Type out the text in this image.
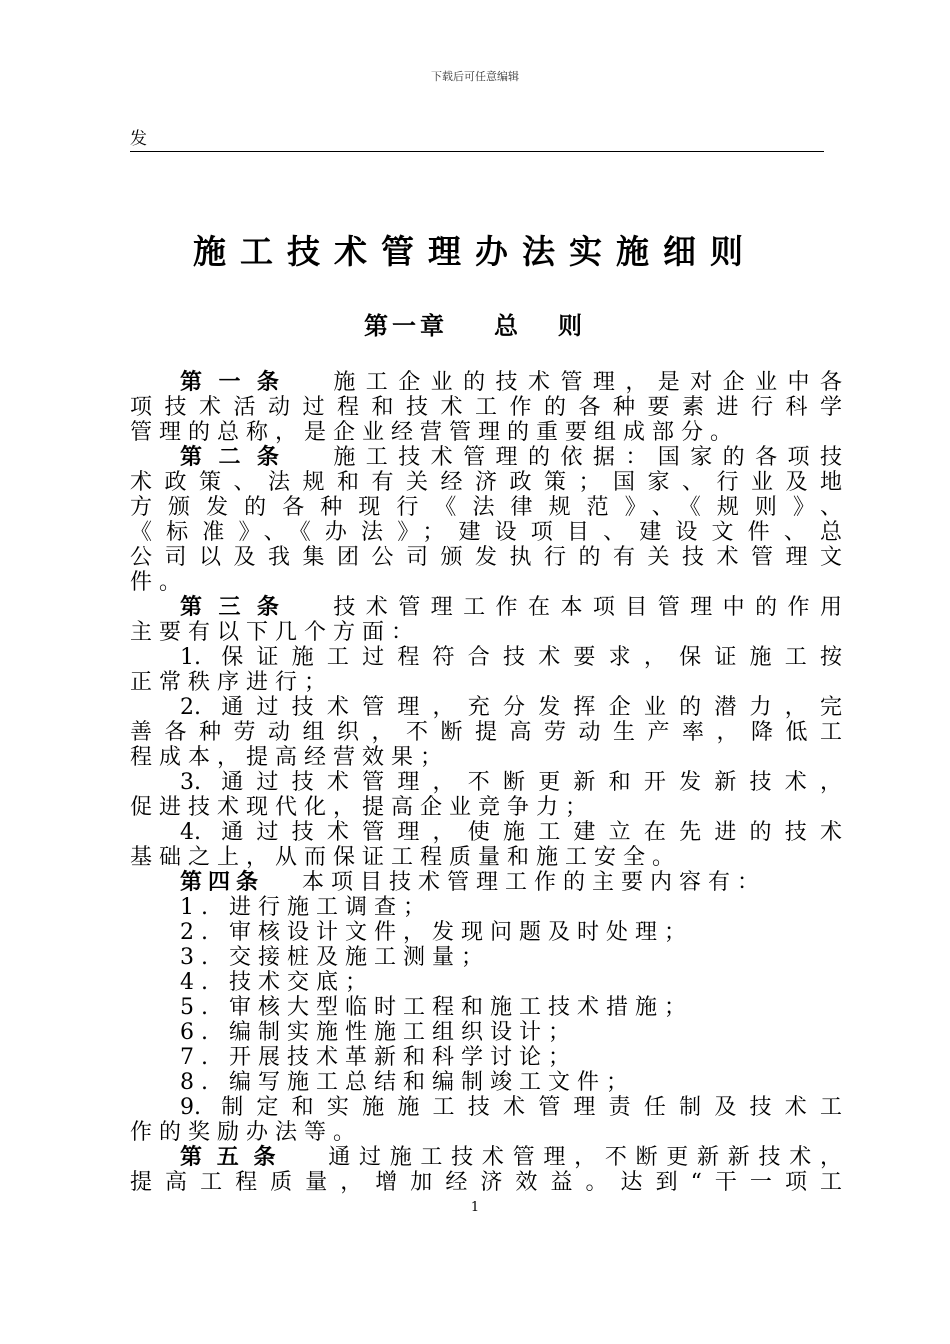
下载后可任意编辑
发
施工技术管理办法实施细则
第一章 总 则
第一条 施工企业的技术管理，是对企业中各
项技术活动过程和技术工作的各种要素进行科学
管理的总称，是企业经营管理的重要组成部分。
第二条 施工技术管理的依据：国家的各项技
术政策、法规和有关经济政策；国家、行业及地
方颁发的各种现行《法律规范》、《规则》、
《标准》、《办法》；建设项目、建设文件、总
公司以及我集团公司颁发执行的有关技术管理文
件。
第三条 技术管理工作在本项目管理中的作用
主要有以下几个方面：
1. 保证施工过程符合技术要求，保证施工按
正常秩序进行；
2. 通过技术管理，充分发挥企业的潜力，完
善各种劳动组织，不断提高劳动生产率，降低工
程成本，提高经营效果；
3. 通过技术管理，不断更新和开发新技术，
促进技术现代化，提高企业竞争力；
4. 通过技术管理，使施工建立在先进的技术
基础之上，从而保证工程质量和施工安全。
第四条 本项目技术管理工作的主要内容有：
1. 进行施工调查；
2. 审核设计文件，发现问题及时处理；
3. 交接桩及施工测量；
4. 技术交底；
5. 审核大型临时工程和施工技术措施；
6. 编制实施性施工组织设计；
7. 开展技术革新和科学讨论；
8. 编写施工总结和编制竣工文件；
9. 制定和实施施工技术管理责任制及技术工
作的奖励办法等。
第五条 通过施工技术管理，不断更新新技术，
提高工程质量，增加经济效益。达到“干一项工
1
